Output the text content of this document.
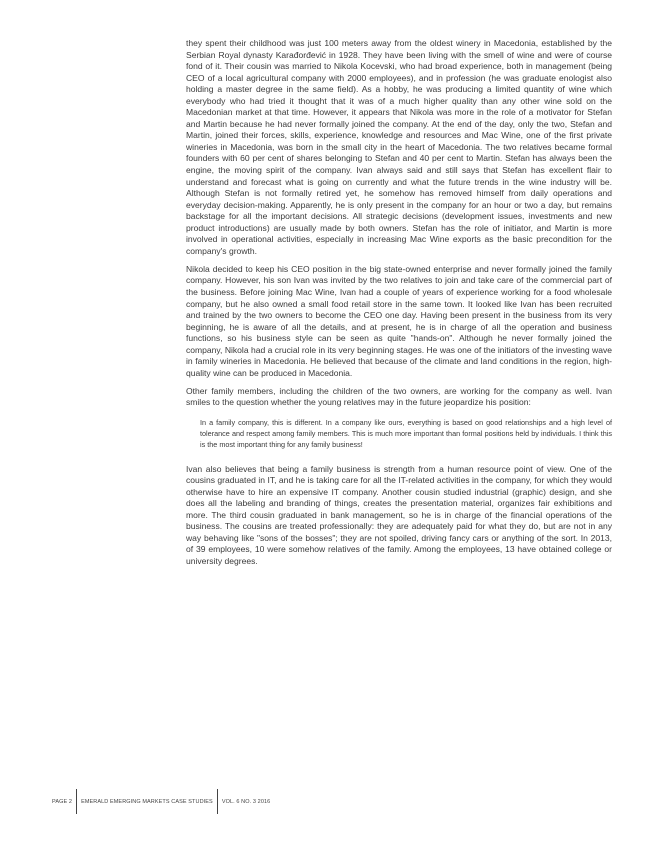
they spent their childhood was just 100 meters away from the oldest winery in Macedonia, established by the Serbian Royal dynasty Karađorđević in 1928. They have been living with the smell of wine and were of course fond of it. Their cousin was married to Nikola Kocevski, who had broad experience, both in management (being CEO of a local agricultural company with 2000 employees), and in profession (he was graduate enologist also holding a master degree in the same field). As a hobby, he was producing a limited quantity of wine which everybody who had tried it thought that it was of a much higher quality than any other wine sold on the Macedonian market at that time. However, it appears that Nikola was more in the role of a motivator for Stefan and Martin because he had never formally joined the company. At the end of the day, only the two, Stefan and Martin, joined their forces, skills, experience, knowledge and resources and Mac Wine, one of the first private wineries in Macedonia, was born in the small city in the heart of Macedonia. The two relatives became formal founders with 60 per cent of shares belonging to Stefan and 40 per cent to Martin. Stefan has always been the engine, the moving spirit of the company. Ivan always said and still says that Stefan has excellent flair to understand and forecast what is going on currently and what the future trends in the wine industry will be. Although Stefan is not formally retired yet, he somehow has removed himself from daily operations and everyday decision-making. Apparently, he is only present in the company for an hour or two a day, but remains backstage for all the important decisions. All strategic decisions (development issues, investments and new product introductions) are usually made by both owners. Stefan has the role of initiator, and Martin is more involved in operational activities, especially in increasing Mac Wine exports as the basic precondition for the company's growth.

Nikola decided to keep his CEO position in the big state-owned enterprise and never formally joined the family company. However, his son Ivan was invited by the two relatives to join and take care of the commercial part of the business. Before joining Mac Wine, Ivan had a couple of years of experience working for a food wholesale company, but he also owned a small food retail store in the same town. It looked like Ivan has been recruited and trained by the two owners to become the CEO one day. Having been present in the business from its very beginning, he is aware of all the details, and at present, he is in charge of all the operation and business functions, so his business style can be seen as quite "hands-on". Although he never formally joined the company, Nikola had a crucial role in its very beginning stages. He was one of the initiators of the investing wave in family wineries in Macedonia. He believed that because of the climate and land conditions in the region, high-quality wine can be produced in Macedonia.

Other family members, including the children of the two owners, are working for the company as well. Ivan smiles to the question whether the young relatives may in the future jeopardize his position:

In a family company, this is different. In a company like ours, everything is based on good relationships and a high level of tolerance and respect among family members. This is much more important than formal positions held by individuals. I think this is the most important thing for any family business!

Ivan also believes that being a family business is strength from a human resource point of view. One of the cousins graduated in IT, and he is taking care for all the IT-related activities in the company, for which they would otherwise have to hire an expensive IT company. Another cousin studied industrial (graphic) design, and she does all the labeling and branding of things, creates the presentation material, organizes fair exhibitions and more. The third cousin graduated in bank management, so he is in charge of the financial operations of the business. The cousins are treated professionally: they are adequately paid for what they do, but are not in any way behaving like "sons of the bosses"; they are not spoiled, driving fancy cars or anything of the sort. In 2013, of 39 employees, 10 were somehow relatives of the family. Among the employees, 13 have obtained college or university degrees.

PAGE 2 EMERALD EMERGING MARKETS CASE STUDIES VOL. 6 NO. 3 2016
